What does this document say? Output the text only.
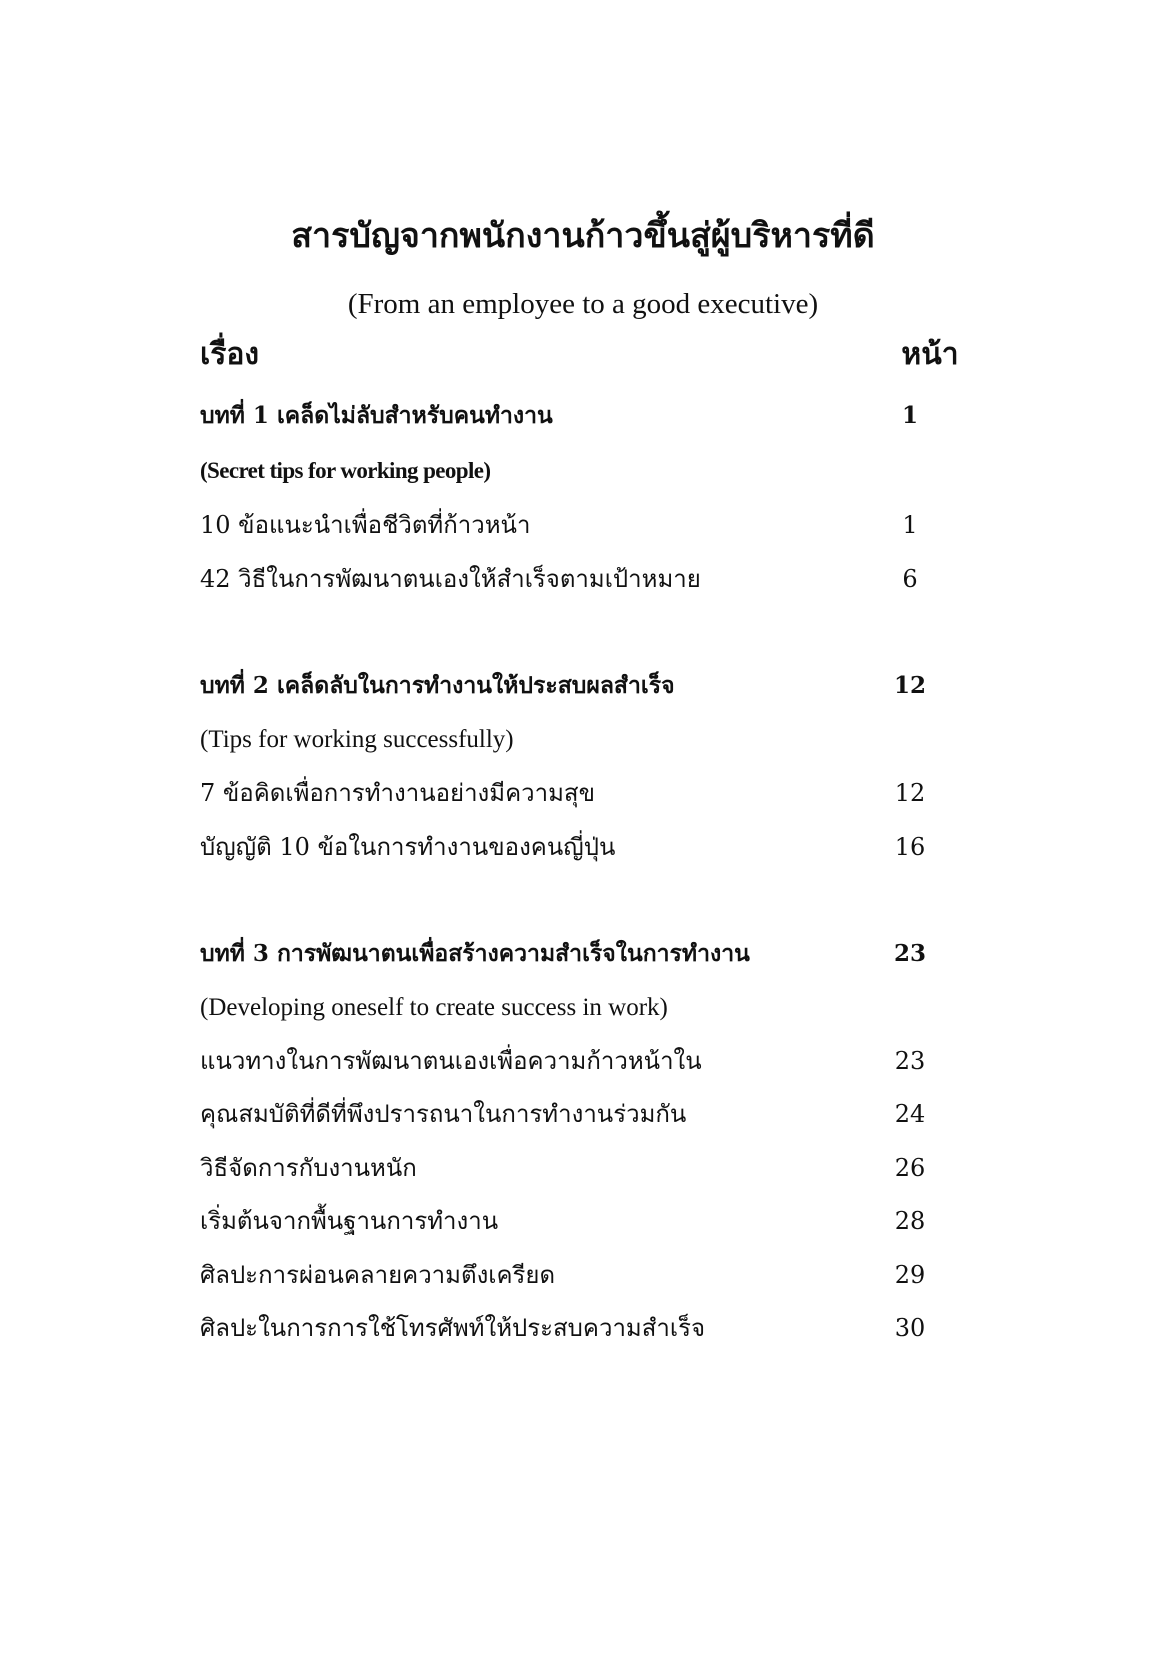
สารบัญจากพนักงานก้าวขึ้นสู่ผู้บริหารที่ดี
(From an employee to a good executive)
เรื่อง	หน้า
บทที่ 1 เคล็ดไม่ลับสำหรับคนทำงาน	1
(Secret tips for working people)
10 ข้อแนะนำเพื่อชีวิตที่ก้าวหน้า	1
42 วิธีในการพัฒนาตนเองให้สำเร็จตามเป้าหมาย	6
บทที่ 2 เคล็ดลับในการทำงานให้ประสบผลสำเร็จ	12
(Tips for working successfully)
7 ข้อคิดเพื่อการทำงานอย่างมีความสุข	12
บัญญัติ 10 ข้อในการทำงานของคนญี่ปุ่น	16
บทที่ 3 การพัฒนาตนเพื่อสร้างความสำเร็จในการทำงาน	23
(Developing oneself to create success in work)
แนวทางในการพัฒนาตนเองเพื่อความก้าวหน้าใน	23
คุณสมบัติที่ดีที่พึงปรารถนาในการทำงานร่วมกัน	24
วิธีจัดการกับงานหนัก	26
เริ่มต้นจากพื้นฐานการทำงาน	28
ศิลปะการผ่อนคลายความตึงเครียด	29
ศิลปะในการการใช้โทรศัพท์ให้ประสบความสำเร็จ	30
